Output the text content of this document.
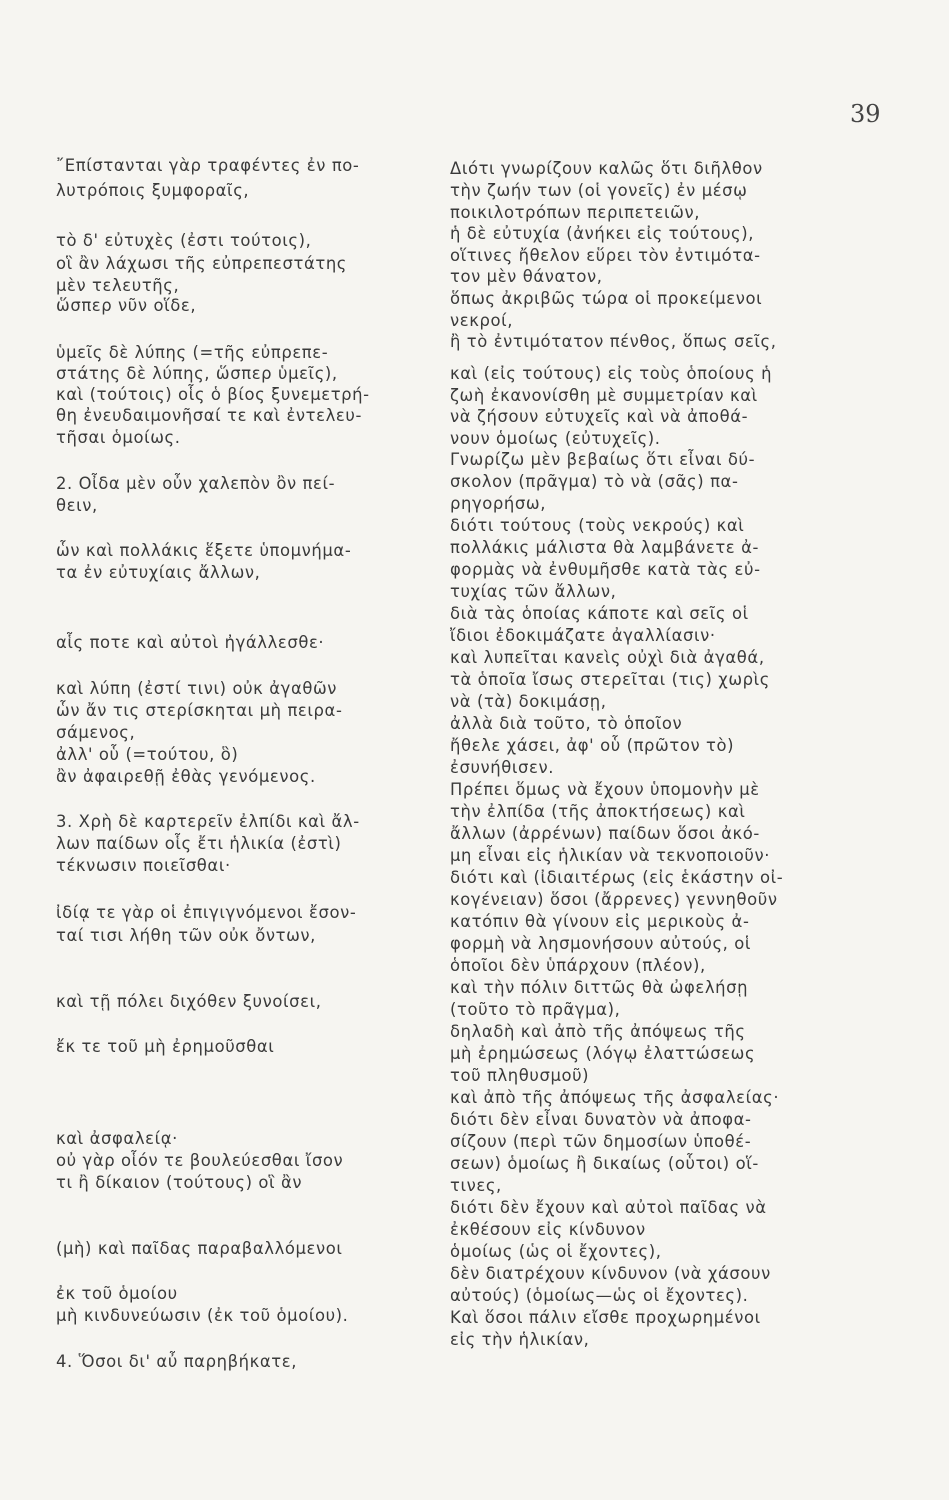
39
῎Επίστανται γὰρ τραφέντες ἐν πο-
λυτρόποις ξυμφοραῖς,
τὸ δ' εὐτυχὲς (ἐστι τούτοις),
οἳ ἂν λάχωσι τῆς εὐπρεπεστάτης
μὲν τελευτῆς,
ὥσπερ νῦν οἵδε,
ὑμεῖς δὲ λύπης (=τῆς εὐπρεπε-
στάτης δὲ λύπης, ὥσπερ ὑμεῖς),
καὶ (τούτοις) οἷς ὁ βίος ξυνεμετρή-
θη ἐνευδαιμονῆσαί τε καὶ ἐντελευ-
τῆσαι ὁμοίως.
2. Οἶδα μὲν οὖν χαλεπὸν ὂν πεί-
θειν,
ὧν καὶ πολλάκις ἕξετε ὑπομνήμα-
τα ἐν εὐτυχίαις ἄλλων,
αἷς ποτε καὶ αὐτοὶ ἠγάλλεσθε·
καὶ λύπη (ἐστί τινι) οὐκ ἀγαθῶν
ὧν ἄν τις στερίσκηται μὴ πειρα-
σάμενος,
ἀλλ' οὗ (=τούτου, ὃ)
ἂν ἀφαιρεθῇ ἐθὰς γενόμενος.
3. Χρὴ δὲ καρτερεῖν ἐλπίδι καὶ ἄλ-
λων παίδων οἷς ἔτι ἡλικία (ἐστὶ)
τέκνωσιν ποιεῖσθαι·
ἰδίᾳ τε γὰρ οἱ ἐπιγιγνόμενοι ἔσον-
ταί τισι λήθη τῶν οὐκ ὄντων,
καὶ τῇ πόλει διχόθεν ξυνοίσει,
ἔκ τε τοῦ μὴ ἐρημοῦσθαι
καὶ ἀσφαλείᾳ·
οὐ γὰρ οἷόν τε βουλεύεσθαι ἴσον
τι ἢ δίκαιον (τούτους) οἳ ἂν
(μὴ) καὶ παῖδας παραβαλλόμενοι
ἐκ τοῦ ὁμοίου
μὴ κινδυνεύωσιν (ἐκ τοῦ ὁμοίου).
4. Ὅσοι δι' αὖ παρηβήκατε,
Διότι γνωρίζουν καλῶς ὅτι διῆλθον
τὴν ζωήν των (οἱ γονεῖς) ἐν μέσῳ
ποικιλοτρόπων περιπετειῶν,
ἡ δὲ εὐτυχία (ἀνήκει εἰς τούτους),
οἵτινες ἤθελον εὕρει τὸν ἐντιμότα-
τον μὲν θάνατον,
ὅπως ἀκριβῶς τώρα οἱ προκείμενοι
νεκροί,
ἢ τὸ ἐντιμότατον πένθος, ὅπως σεῖς,
καὶ (εἰς τούτους) εἰς τοὺς ὁποίους ἡ
ζωὴ ἐκανονίσθη μὲ συμμετρίαν καὶ
νὰ ζήσουν εὐτυχεῖς καὶ νὰ ἀποθά-
νουν ὁμοίως (εὐτυχεῖς).
Γνωρίζω μὲν βεβαίως ὅτι εἶναι δύ-
σκολον (πρᾶγμα) τὸ νὰ (σᾶς) πα-
ρηγορήσω,
διότι τούτους (τοὺς νεκρούς) καὶ
πολλάκις μάλιστα θὰ λαμβάνετε ἀ-
φορμὰς νὰ ἐνθυμῆσθε κατὰ τὰς εὐ-
τυχίας τῶν ἄλλων,
διὰ τὰς ὁποίας κάποτε καὶ σεῖς οἱ
ἴδιοι ἐδοκιμάζατε ἀγαλλίασιν·
καὶ λυπεῖται κανεὶς οὐχὶ διὰ ἀγαθά,
τὰ ὁποῖα ἴσως στερεῖται (τις) χωρὶς
νὰ (τὰ) δοκιμάσῃ,
ἀλλὰ διὰ τοῦτο, τὸ ὁποῖον
ἤθελε χάσει, ἀφ' οὗ (πρῶτον τὸ)
ἐσυνήθισεν.
Πρέπει ὅμως νὰ ἔχουν ὑπομονὴν μὲ
τὴν ἐλπίδα (τῆς ἀποκτήσεως) καὶ
ἄλλων (ἀρρένων) παίδων ὅσοι ἀκό-
μη εἶναι εἰς ἡλικίαν νὰ τεκνοποιοῦν·
διότι καὶ (ἰδιαιτέρως (εἰς ἑκάστην οἰ-
κογένειαν) ὅσοι (ἄρρενες) γεννηθοῦν
κατόπιν θὰ γίνουν εἰς μερικοὺς ἀ-
φορμὴ νὰ λησμονήσουν αὐτούς, οἱ
ὁποῖοι δὲν ὑπάρχουν (πλέον),
καὶ τὴν πόλιν διττῶς θὰ ὠφελήσῃ
(τοῦτο τὸ πρᾶγμα),
δηλαδὴ καὶ ἀπὸ τῆς ἀπόψεως τῆς
μὴ ἐρημώσεως (λόγῳ ἐλαττώσεως
τοῦ πληθυσμοῦ)
καὶ ἀπὸ τῆς ἀπόψεως τῆς ἀσφαλείας·
διότι δὲν εἶναι δυνατὸν νὰ ἀποφα-
σίζουν (περὶ τῶν δημοσίων ὑποθέ-
σεων) ὁμοίως ἢ δικαίως (οὗτοι) οἵ-
τινες,
διότι δὲν ἔχουν καὶ αὐτοὶ παῖδας νὰ
ἐκθέσουν εἰς κίνδυνον
ὁμοίως (ὡς οἱ ἔχοντες),
δὲν διατρέχουν κίνδυνον (νὰ χάσουν
αὐτούς) (ὁμοίως—ὡς οἱ ἔχοντες).
Καὶ ὅσοι πάλιν εἴσθε προχωρημένοι
εἰς τὴν ἡλικίαν,
